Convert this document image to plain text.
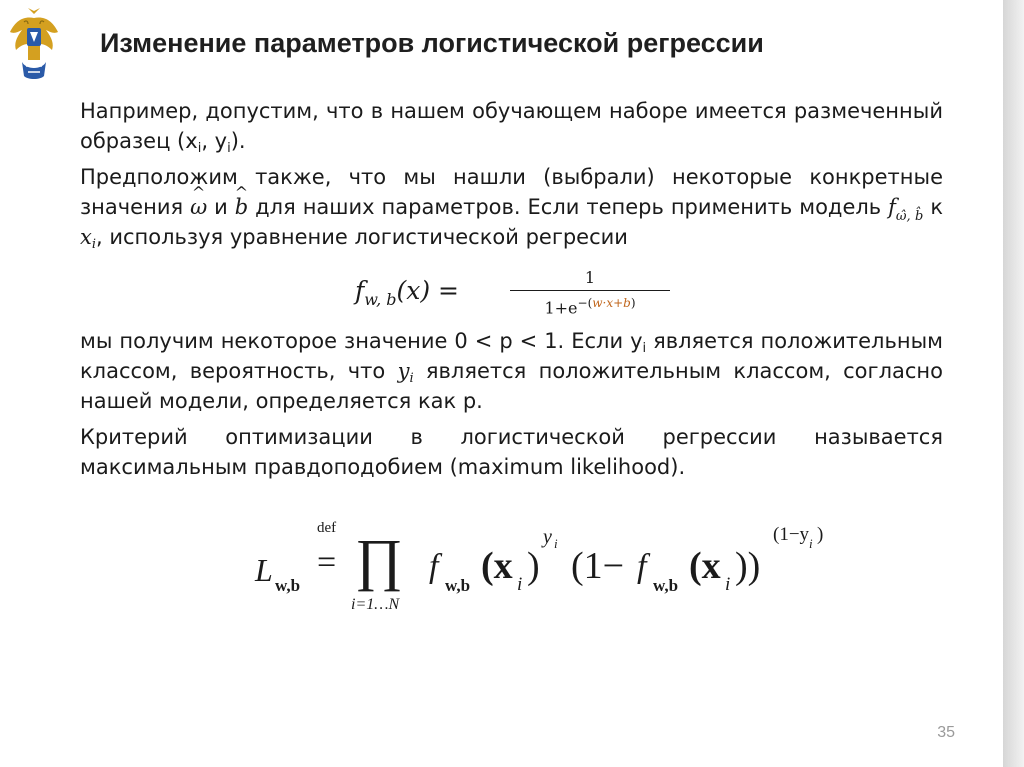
Изменение параметров логистической регрессии

Например, допустим, что в нашем обучающем наборе имеется размеченный образец ($x_i$, $y_i$).

Предположим также, что мы нашли (выбрали) некоторые конкретные значения ^ ω и ^ b для наших параметров. Если теперь применить модель $f_{\omegâ, b̂}$ к $x_i$, используя уравнение логистической регресии

мы получим некоторое значение 0 < p < 1. Если $y_i$ является положительным классом, вероятность, что $y_i$ является положительным классом, согласно нашей модели, определяется как p.

Критерий оптимизации в логистической регрессии называется максимальным правдоподобием (maximum likelihood).

$f_{w, b}(x)$ =	1
$1+e^{-(w\cdot x+b)}$
L w,b
def
= ∏
i=1…N
f
w,b (x i )
y i
(1− f
w,b (x i ))
(1−y i )
35
